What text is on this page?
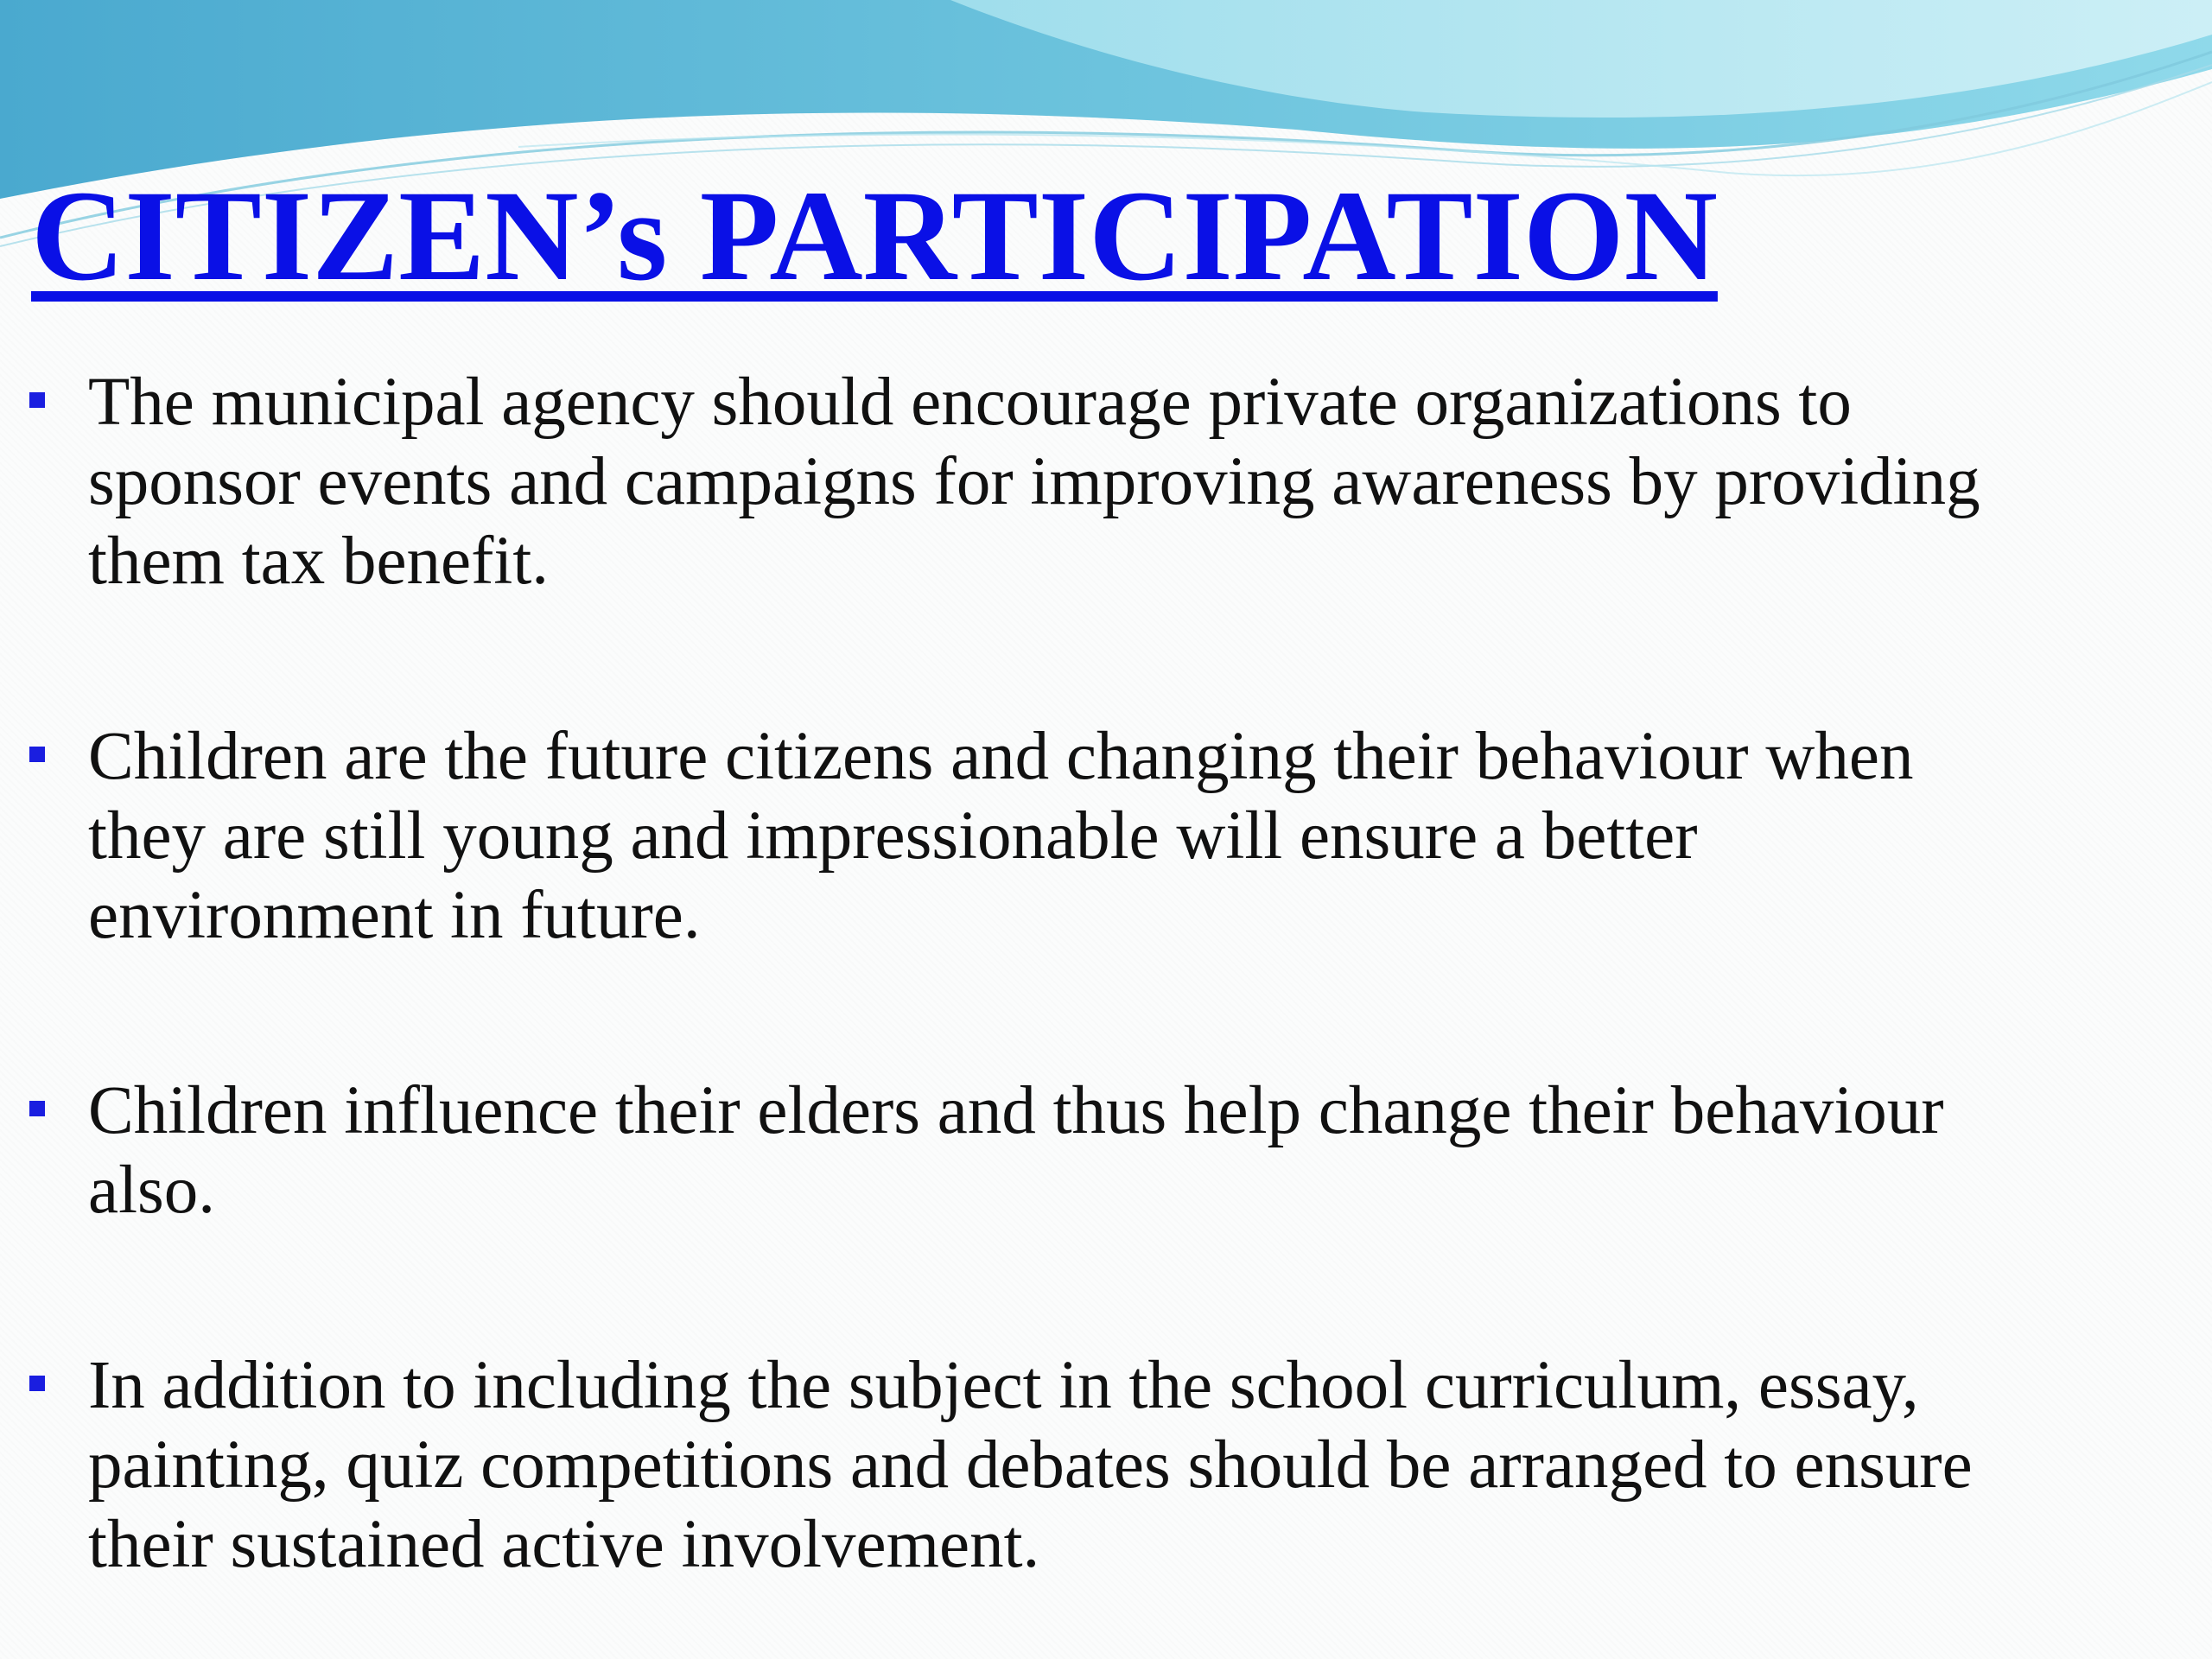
CITIZEN’s PARTICIPATION
The municipal agency should encourage private organizations to
sponsor events and campaigns for improving awareness by providing
them tax benefit.
Children are the future citizens and changing their behaviour when
they are still young and impressionable will ensure a better
environment in future.
Children influence their elders and thus help change their behaviour
also.
In addition to including the subject in the school curriculum, essay,
painting, quiz competitions and debates should be arranged to ensure
their sustained active involvement.
